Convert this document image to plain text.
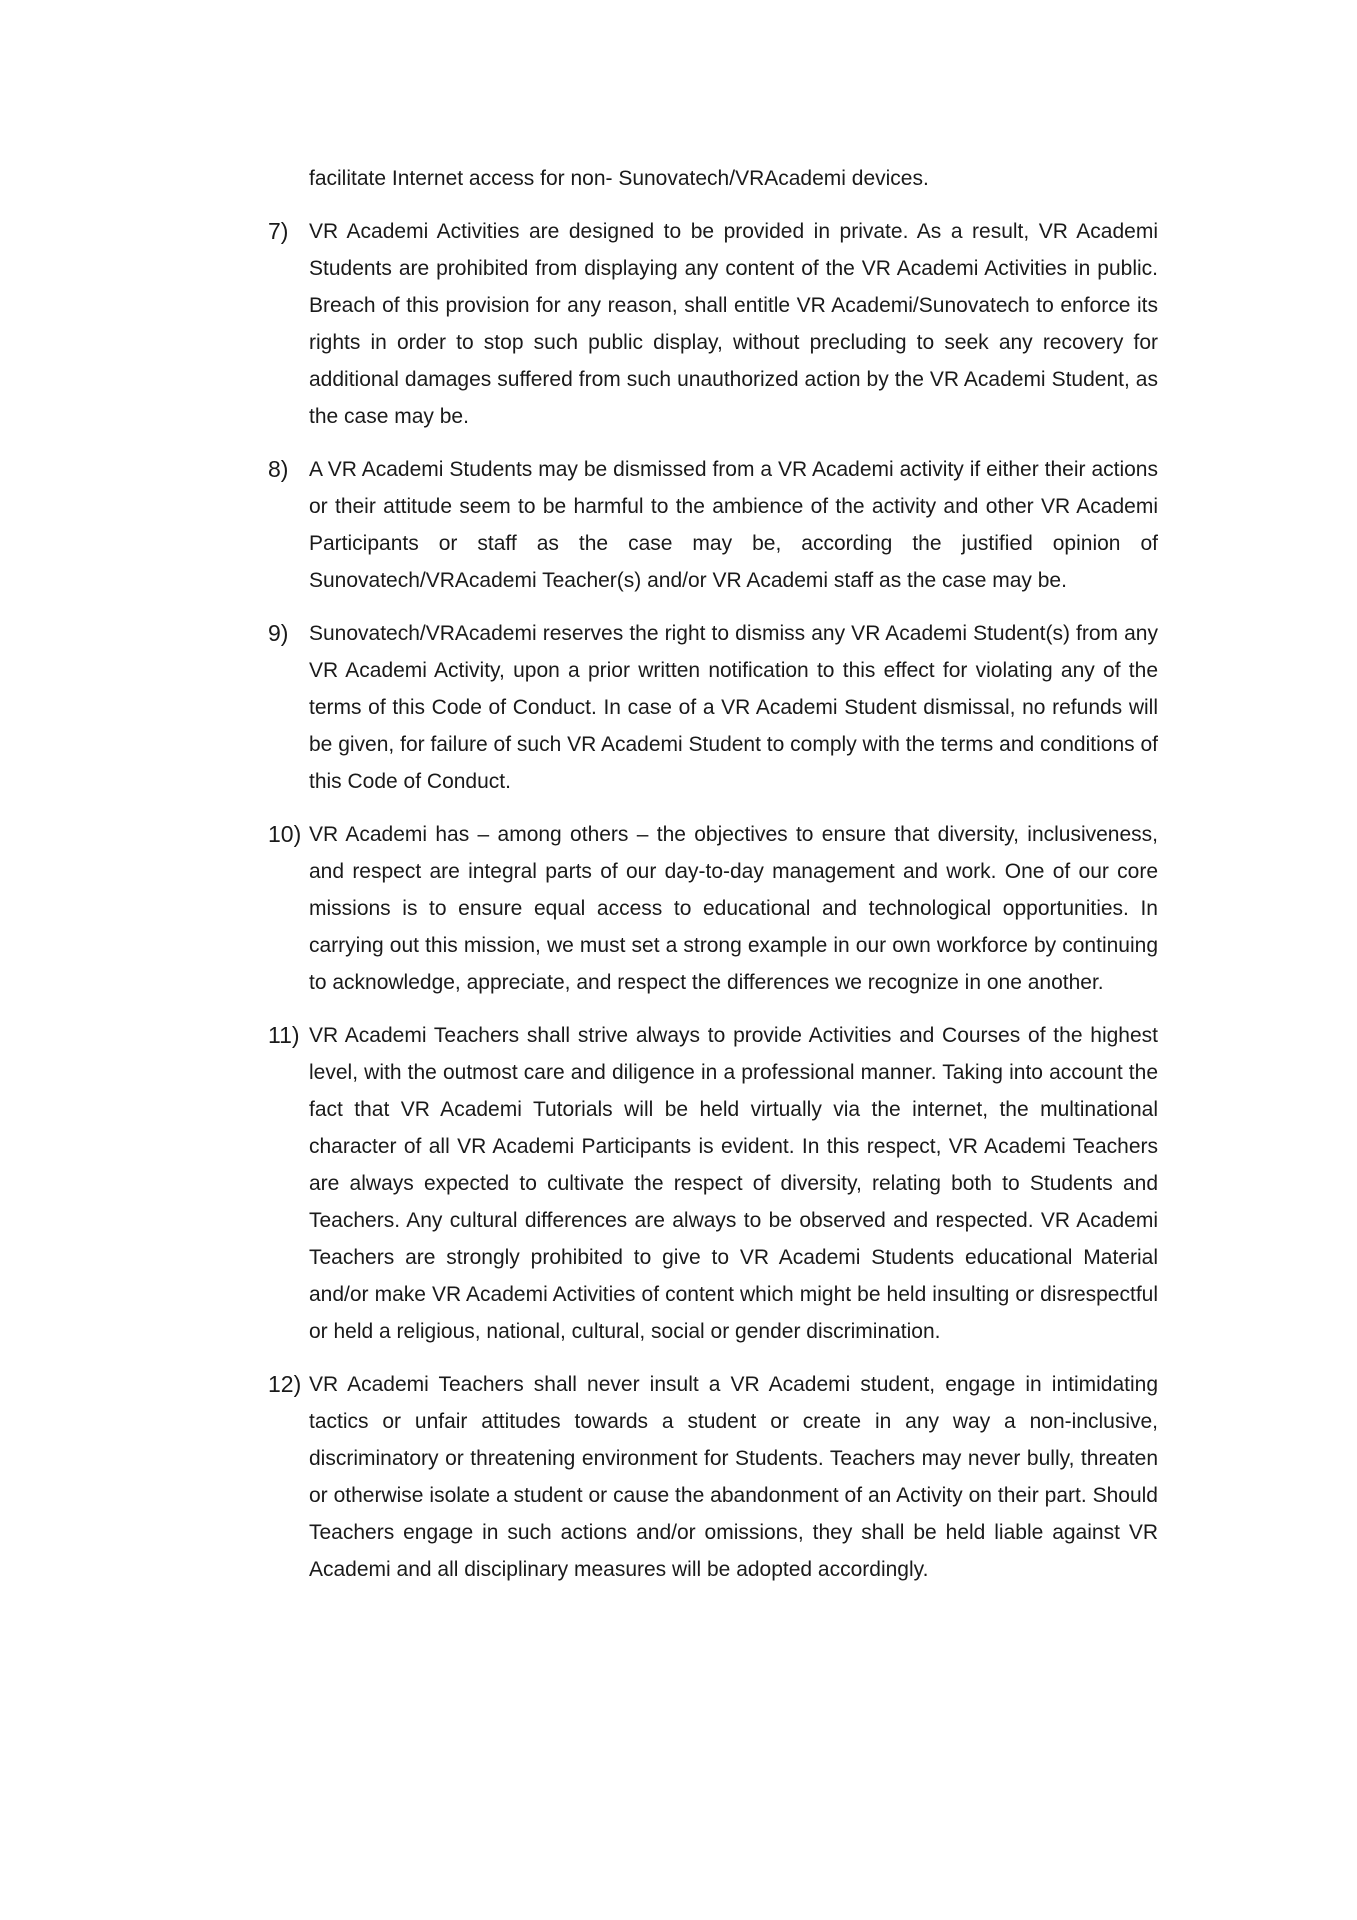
facilitate Internet access for non- Sunovatech/VRAcademi devices.

7) VR Academi Activities are designed to be provided in private. As a result, VR Academi Students are prohibited from displaying any content of the VR Academi Activities in public. Breach of this provision for any reason, shall entitle VR Academi/Sunovatech to enforce its rights in order to stop such public display, without precluding to seek any recovery for additional damages suffered from such unauthorized action by the VR Academi Student, as the case may be.
8) A VR Academi Students may be dismissed from a VR Academi activity if either their actions or their attitude seem to be harmful to the ambience of the activity and other VR Academi Participants or staff as the case may be, according the justified opinion of Sunovatech/VRAcademi Teacher(s) and/or VR Academi staff as the case may be.
9) Sunovatech/VRAcademi reserves the right to dismiss any VR Academi Student(s) from any VR Academi Activity, upon a prior written notification to this effect for violating any of the terms of this Code of Conduct. In case of a VR Academi Student dismissal, no refunds will be given, for failure of such VR Academi Student to comply with the terms and conditions of this Code of Conduct.
10) VR Academi has – among others – the objectives to ensure that diversity, inclusiveness, and respect are integral parts of our day-to-day management and work. One of our core missions is to ensure equal access to educational and technological opportunities. In carrying out this mission, we must set a strong example in our own workforce by continuing to acknowledge, appreciate, and respect the differences we recognize in one another.
11) VR Academi Teachers shall strive always to provide Activities and Courses of the highest level, with the outmost care and diligence in a professional manner. Taking into account the fact that VR Academi Tutorials will be held virtually via the internet, the multinational character of all VR Academi Participants is evident. In this respect, VR Academi Teachers are always expected to cultivate the respect of diversity, relating both to Students and Teachers. Any cultural differences are always to be observed and respected. VR Academi Teachers are strongly prohibited to give to VR Academi Students educational Material and/or make VR Academi Activities of content which might be held insulting or disrespectful or held a religious, national, cultural, social or gender discrimination.
12) VR Academi Teachers shall never insult a VR Academi student, engage in intimidating tactics or unfair attitudes towards a student or create in any way a non-inclusive, discriminatory or threatening environment for Students. Teachers may never bully, threaten or otherwise isolate a student or cause the abandonment of an Activity on their part. Should Teachers engage in such actions and/or omissions, they shall be held liable against VR Academi and all disciplinary measures will be adopted accordingly.
